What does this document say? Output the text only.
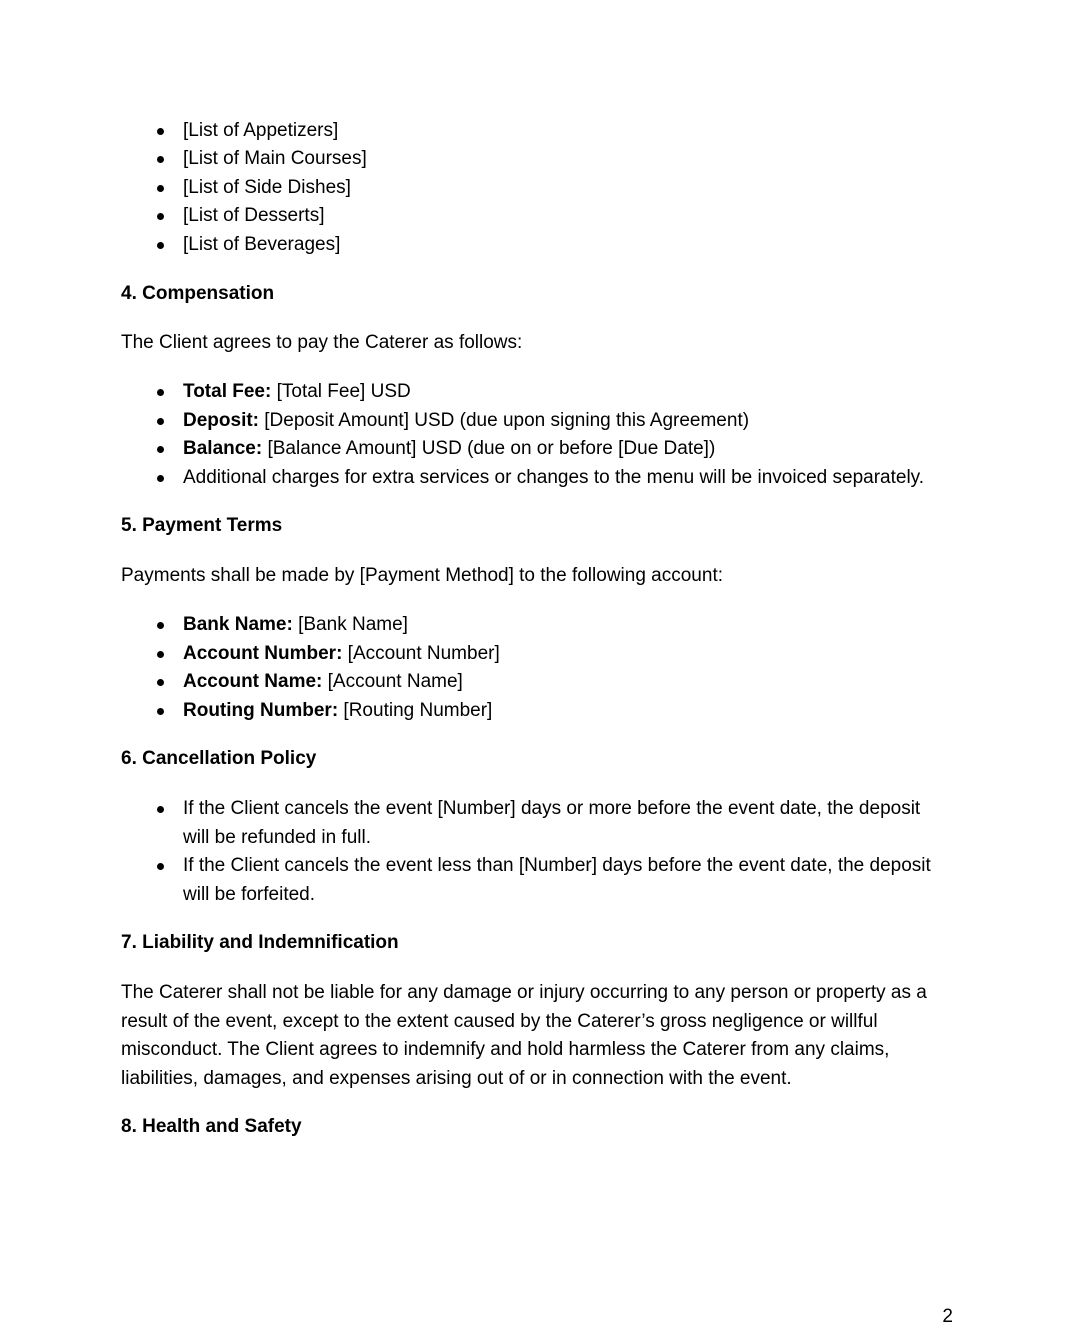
[List of Appetizers]
[List of Main Courses]
[List of Side Dishes]
[List of Desserts]
[List of Beverages]

4. Compensation

The Client agrees to pay the Caterer as follows:

Total Fee: [Total Fee] USD
Deposit: [Deposit Amount] USD (due upon signing this Agreement)
Balance: [Balance Amount] USD (due on or before [Due Date])
Additional charges for extra services or changes to the menu will be invoiced separately.

5. Payment Terms

Payments shall be made by [Payment Method] to the following account:

Bank Name: [Bank Name]
Account Number: [Account Number]
Account Name: [Account Name]
Routing Number: [Routing Number]

6. Cancellation Policy

If the Client cancels the event [Number] days or more before the event date, the deposit will be refunded in full.
If the Client cancels the event less than [Number] days before the event date, the deposit will be forfeited.

7. Liability and Indemnification

The Caterer shall not be liable for any damage or injury occurring to any person or property as a result of the event, except to the extent caused by the Caterer’s gross negligence or willful misconduct. The Client agrees to indemnify and hold harmless the Caterer from any claims, liabilities, damages, and expenses arising out of or in connection with the event.

8. Health and Safety

2
